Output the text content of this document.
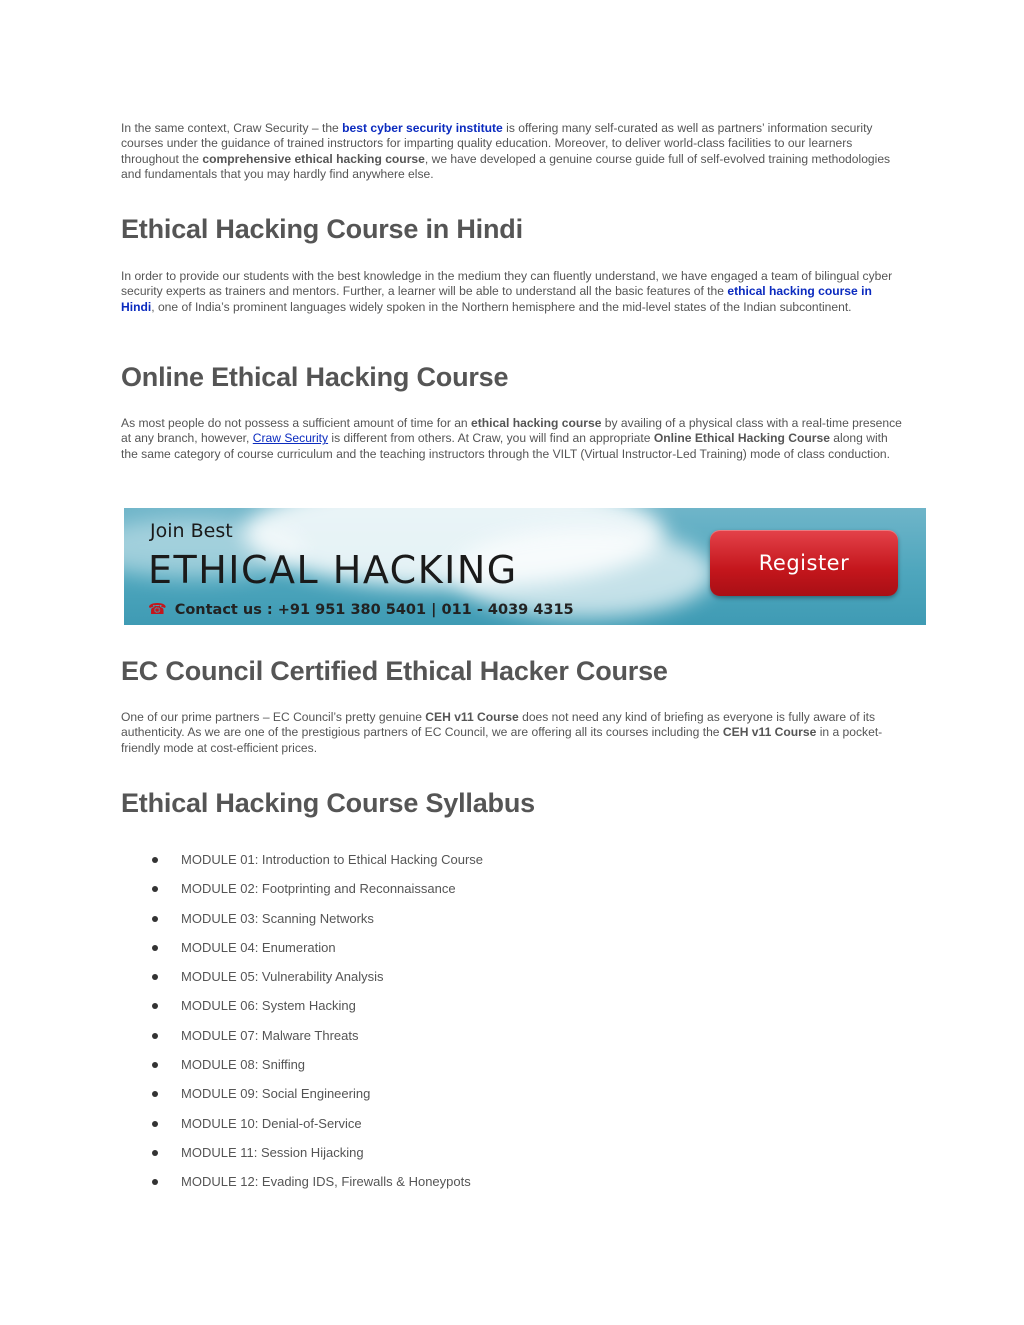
In the same context, Craw Security – the best cyber security institute is offering many self-curated as well as partners’ information security courses under the guidance of trained instructors for imparting quality education. Moreover, to deliver world-class facilities to our learners throughout the comprehensive ethical hacking course, we have developed a genuine course guide full of self-evolved training methodologies and fundamentals that you may hardly find anywhere else.

Ethical Hacking Course in Hindi

In order to provide our students with the best knowledge in the medium they can fluently understand, we have engaged a team of bilingual cyber security experts as trainers and mentors. Further, a learner will be able to understand all the basic features of the ethical hacking course in Hindi, one of India’s prominent languages widely spoken in the Northern hemisphere and the mid-level states of the Indian subcontinent.

Online Ethical Hacking Course

As most people do not possess a sufficient amount of time for an ethical hacking course by availing of a physical class with a real-time presence at any branch, however, Craw Security is different from others. At Craw, you will find an appropriate Online Ethical Hacking Course along with the same category of course curriculum and the teaching instructors through the VILT (Virtual Instructor-Led Training) mode of class conduction.

EC Council Certified Ethical Hacker Course

One of our prime partners – EC Council’s pretty genuine CEH v11 Course does not need any kind of briefing as everyone is fully aware of its authenticity. As we are one of the prestigious partners of EC Council, we are offering all its courses including the CEH v11 Course in a pocket-friendly mode at cost-efficient prices.

Ethical Hacking Course Syllabus
MODULE 01: Introduction to Ethical Hacking Course
MODULE 02: Footprinting and Reconnaissance
MODULE 03: Scanning Networks
MODULE 04: Enumeration
MODULE 05: Vulnerability Analysis
MODULE 06: System Hacking
MODULE 07: Malware Threats
MODULE 08: Sniffing
MODULE 09: Social Engineering
MODULE 10: Denial-of-Service
MODULE 11: Session Hijacking
MODULE 12: Evading IDS, Firewalls & Honeypots
Join Best
ETHICAL HACKING
☎ Contact us : +91 951 380 5401 | 011 - 4039 4315
Register
